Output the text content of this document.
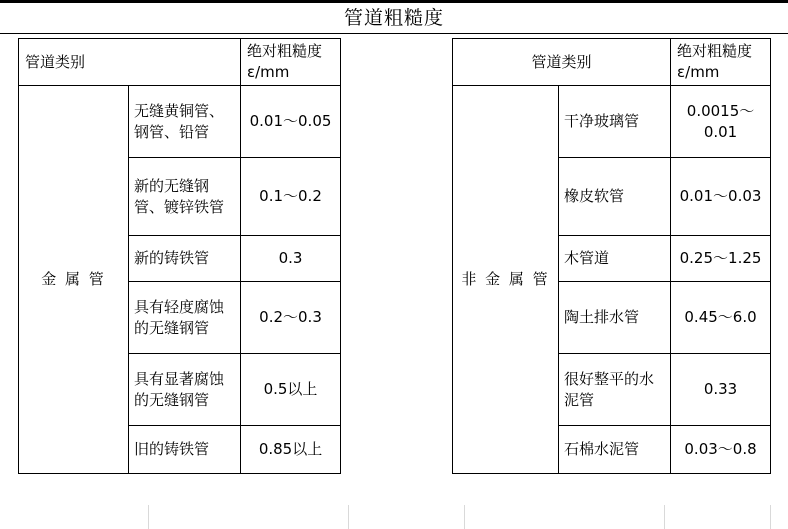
管道粗糙度
管道类别		绝对粗糙度ε/mm		管道类别		绝对粗糙度ε/mm
金 属 管	无缝黄铜管、钢管、铅管	0.01～0.05		非 金 属 管	干净玻璃管	0.0015～0.01
	新的无缝钢管、镀锌铁管	0.1～0.2			橡皮软管	0.01～0.03
	新的铸铁管	0.3			木管道	0.25～1.25
	具有轻度腐蚀的无缝钢管	0.2～0.3			陶土排水管	0.45～6.0
	具有显著腐蚀的无缝钢管	0.5以上			很好整平的水泥管	0.33
	旧的铸铁管	0.85以上			石棉水泥管	0.03～0.8
